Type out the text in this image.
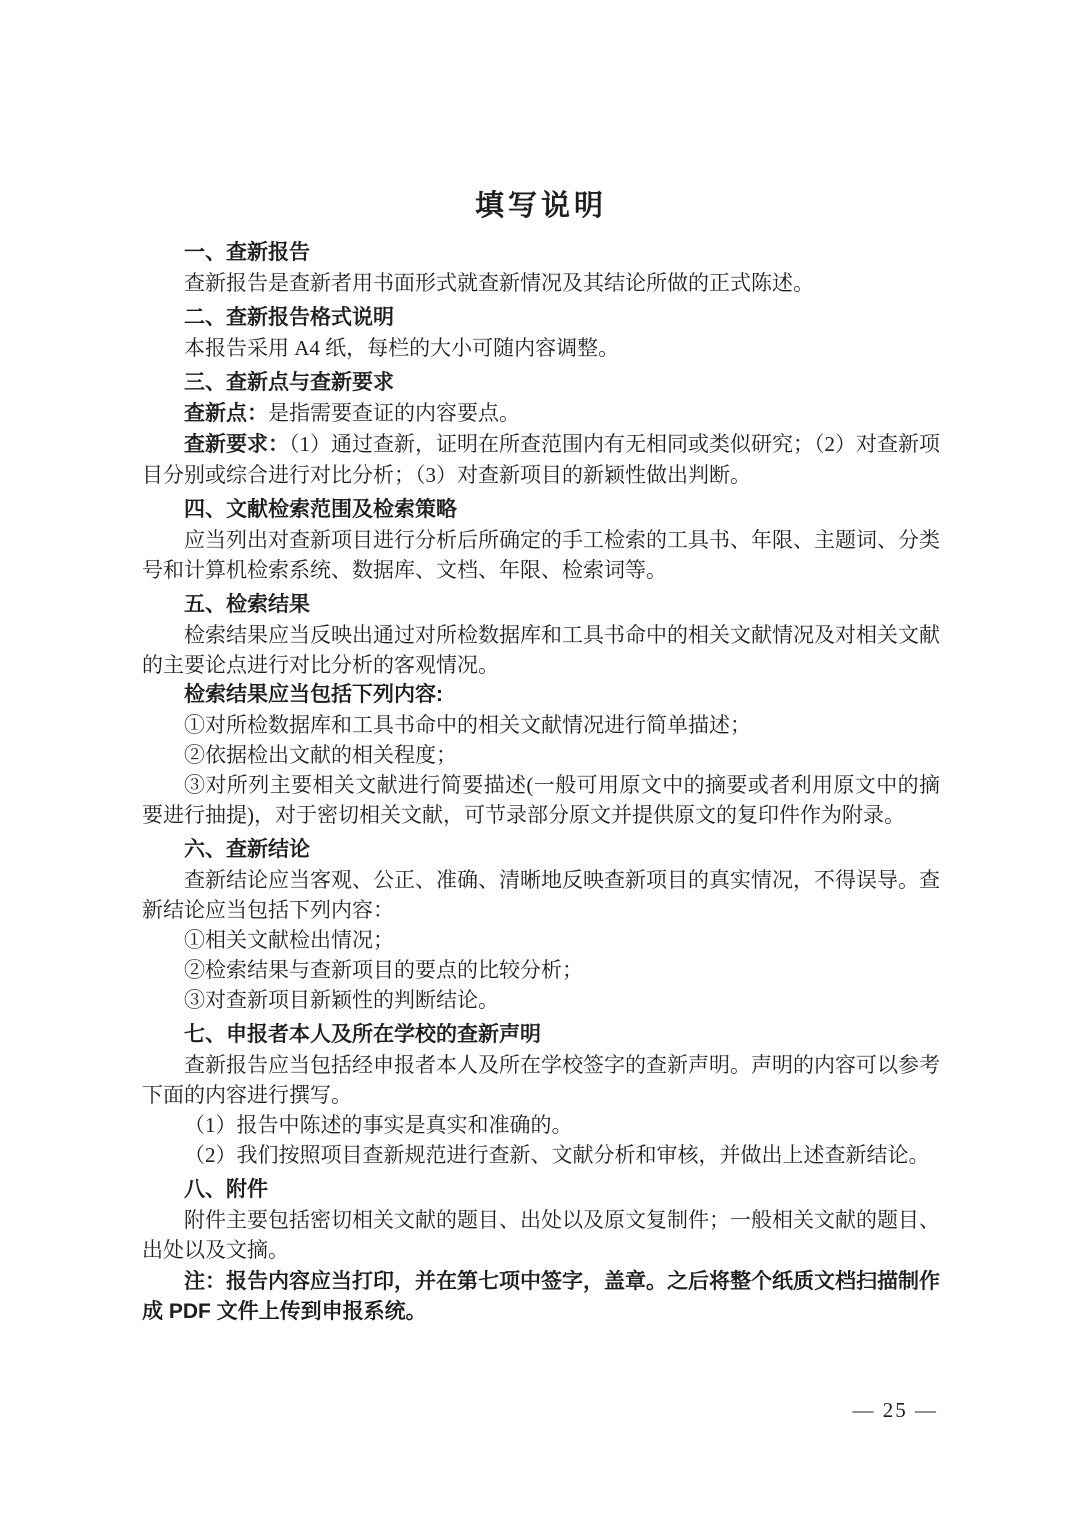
填写说明
一、查新报告

查新报告是查新者用书面形式就查新情况及其结论所做的正式陈述。

二、查新报告格式说明

本报告采用 A4 纸，每栏的大小可随内容调整。

三、查新点与查新要求

查新点：是指需要查证的内容要点。

查新要求：（1）通过查新，证明在所查范围内有无相同或类似研究；（2）对查新项目分别或综合进行对比分析；（3）对查新项目的新颖性做出判断。

四、文献检索范围及检索策略

应当列出对查新项目进行分析后所确定的手工检索的工具书、年限、主题词、分类号和计算机检索系统、数据库、文档、年限、检索词等。

五、检索结果

检索结果应当反映出通过对所检数据库和工具书命中的相关文献情况及对相关文献的主要论点进行对比分析的客观情况。

检索结果应当包括下列内容:

①对所检数据库和工具书命中的相关文献情况进行简单描述；

②依据检出文献的相关程度；

③对所列主要相关文献进行简要描述(一般可用原文中的摘要或者利用原文中的摘要进行抽提)，对于密切相关文献，可节录部分原文并提供原文的复印件作为附录。

六、查新结论

查新结论应当客观、公正、准确、清晰地反映查新项目的真实情况，不得误导。查新结论应当包括下列内容：

①相关文献检出情况；

②检索结果与查新项目的要点的比较分析；

③对查新项目新颖性的判断结论。

七、申报者本人及所在学校的查新声明

查新报告应当包括经申报者本人及所在学校签字的查新声明。声明的内容可以参考下面的内容进行撰写。

（1）报告中陈述的事实是真实和准确的。

（2）我们按照项目查新规范进行查新、文献分析和审核，并做出上述查新结论。

八、附件

附件主要包括密切相关文献的题目、出处以及原文复制件；一般相关文献的题目、出处以及文摘。

注：报告内容应当打印，并在第七项中签字，盖章。之后将整个纸质文档扫描制作成 PDF 文件上传到申报系统。

— 25 —
